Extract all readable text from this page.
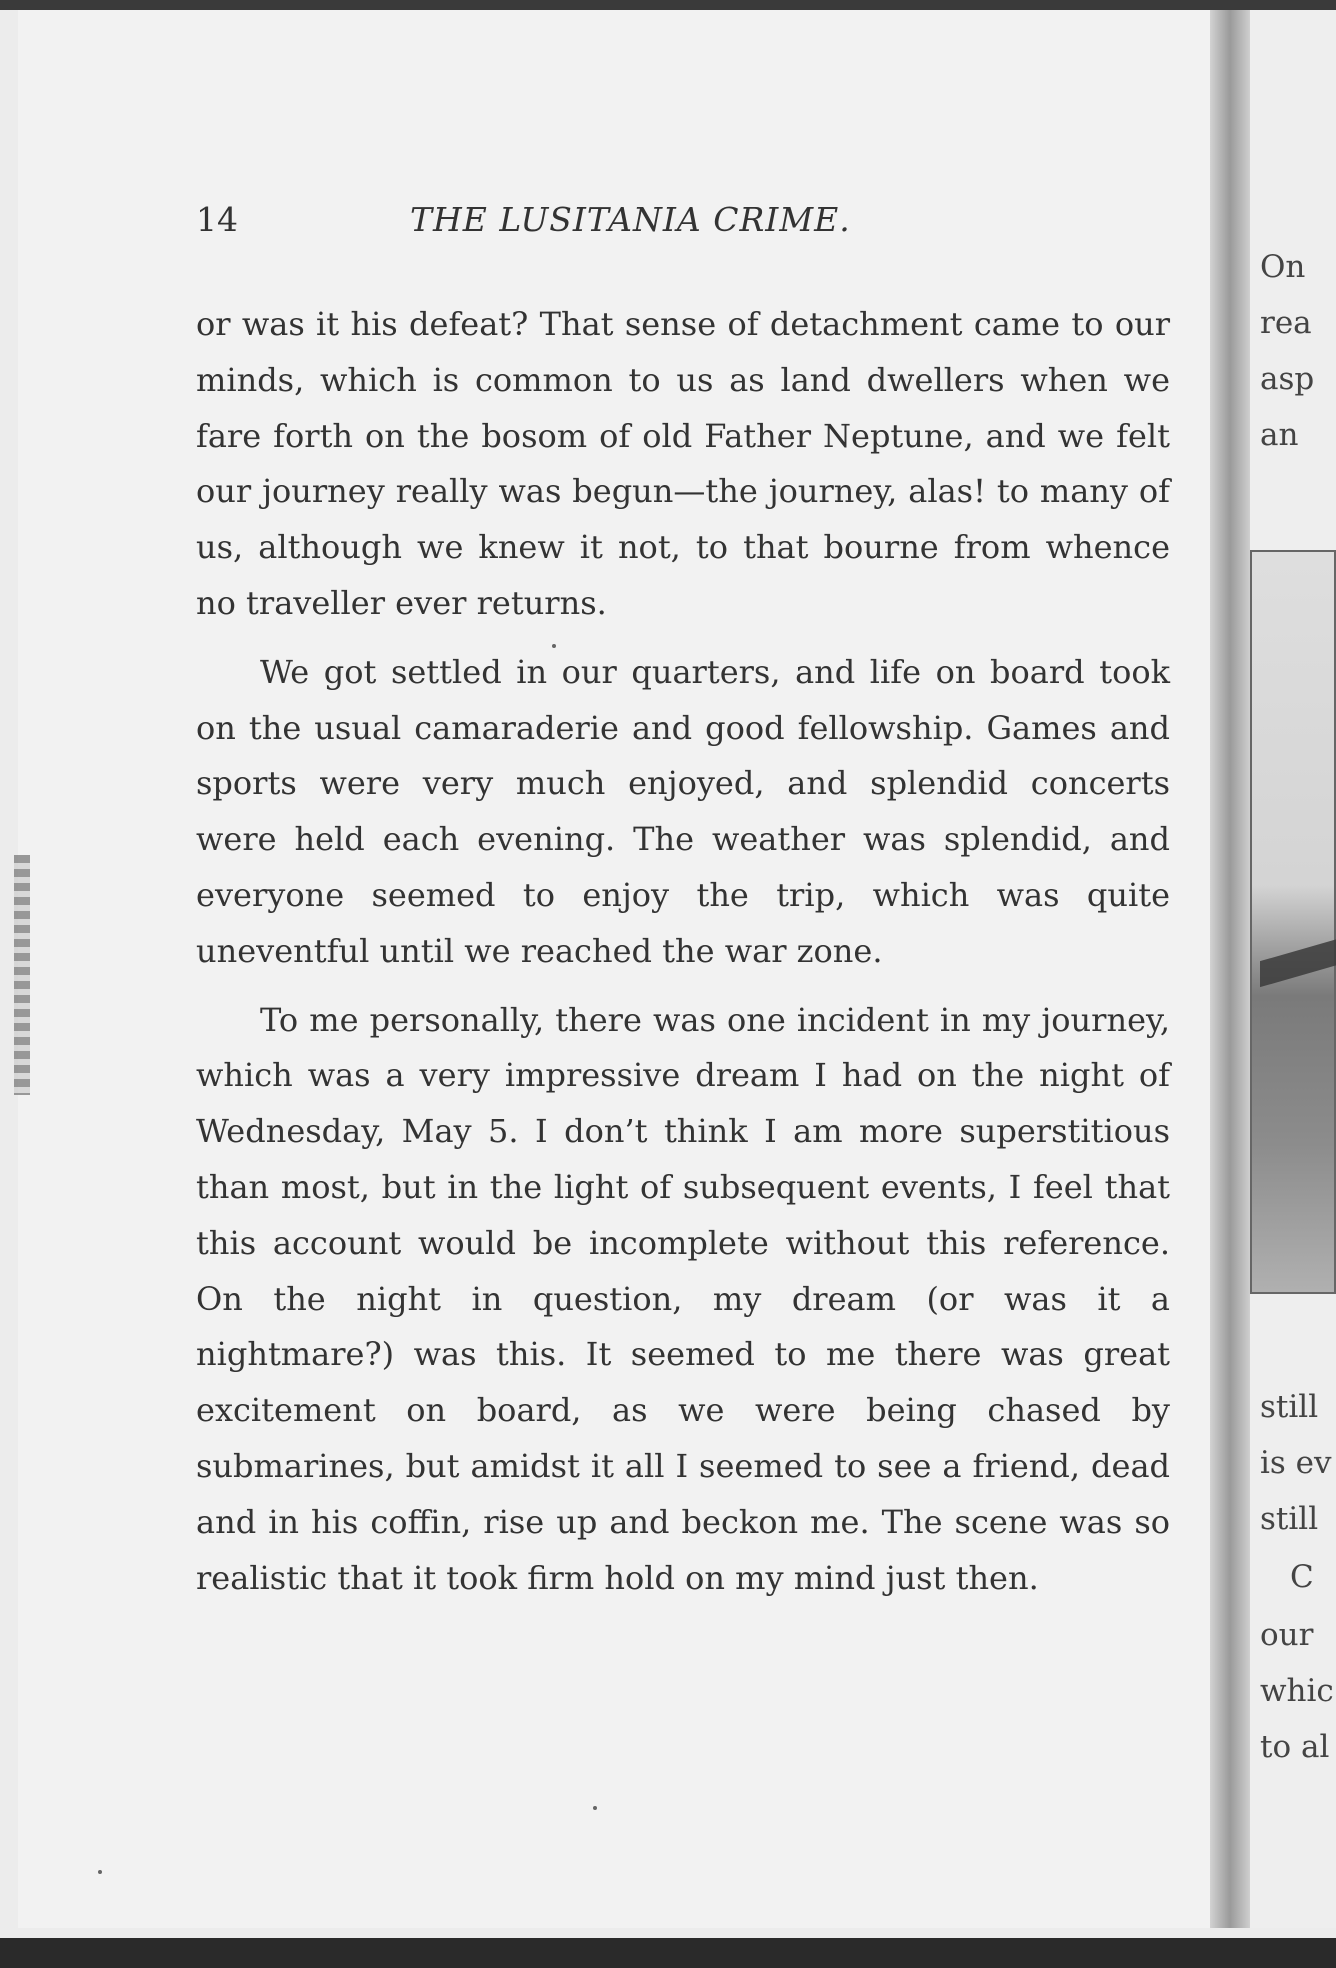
14	THE LUSITANIA CRIME.

or was it his defeat? That sense of detachment came to our minds, which is common to us as land dwellers when we fare forth on the bosom of old Father Neptune, and we felt our journey really was begun—the journey, alas! to many of us, although we knew it not, to that bourne from whence no traveller ever returns.

We got settled in our quarters, and life on board took on the usual camaraderie and good fellowship. Games and sports were very much enjoyed, and splendid concerts were held each evening. The weather was splendid, and everyone seemed to enjoy the trip, which was quite uneventful until we reached the war zone.

To me personally, there was one incident in my journey, which was a very impressive dream I had on the night of Wednesday, May 5. I don’t think I am more superstitious than most, but in the light of subsequent events, I feel that this account would be incomplete without this reference. On the night in question, my dream (or was it a nightmare?) was this. It seemed to me there was great excitement on board, as we were being chased by submarines, but amidst it all I seemed to see a friend, dead and in his coffin, rise up and beckon me. The scene was so realistic that it took firm hold on my mind just then.

On
rea
asp
an
still
is ev
still
C
our
whic
to al
